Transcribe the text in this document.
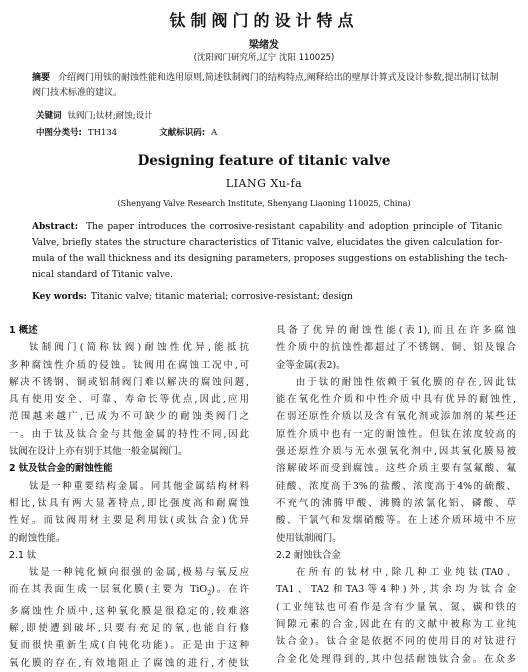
钛制阀门的设计特点
梁绪发
(沈阳阀门研究所,辽宁 沈阳 110025)
摘要 介绍阀门用钛的耐蚀性能和选用原则,简述钛制阀门的结构特点,阐释给出的壁厚计算式及设计参数,提出制订钛制阀门技术标准的建议。
关键词 钛阀门;钛材;耐蚀;设计
中图分类号: TH134	文献标识码: A
Designing feature of titanic valve
LIANG Xu-fa
(Shenyang Valve Research Institute, Shenyang Liaoning 110025, China)
Abstract: The paper introduces the corrosive-resistant capability and adoption principle of Titanic
Valve, briefly states the structure characteristics of Titanic valve, elucidates the given calculation for-
mula of the wall thickness and its designing parameters, proposes suggestions on establishing the tech-
nical standard of Titanic valve.
Key words: Titanic valve; titanic material; corrosive-resistant; design
1 概述
钛制阀门(简称钛阀)耐蚀性优异,能抵抗
多种腐蚀性介质的侵蚀。钛阀用在腐蚀工况中,可
解决不锈钢、铜或铝制阀门难以解决的腐蚀问题,
具有使用安全、可靠、寿命长等优点,因此,应用
范围越来越广,已成为不可缺少的耐蚀类阀门之
一。由于钛及钛合金与其他金属的特性不同,因此
钛阀在设计上亦有别于其他一般金属阀门。
2 钛及钛合金的耐蚀性能
钛是一种重要结构金属。同其他金属结构材料
相比,钛具有两大显著特点,即比强度高和耐腐蚀
性好。而钛阀用材主要是利用钛(或钛合金)优异
的耐蚀性能。
2.1 钛
钛是一种钝化倾向很强的金属,极易与氧反应
而在其表面生成一层氧化膜(主要为 TiO$_2$)。在许
多腐蚀性介质中,这种氧化膜是很稳定的,较难溶
解,即使遭到破坏,只要有充足的氧,也能自行修
复而很快重新生成(自钝化功能)。正是由于这种
氧化膜的存在,有效地阻止了腐蚀的进行,才使钛
具备了优异的耐蚀性能(表1),而且在许多腐蚀
性介质中的抗蚀性都超过了不锈钢、铜、铝及镍合
金等金属(表2)。
由于钛的耐蚀性依赖于氧化膜的存在,因此钛
能在氧化性介质和中性介质中具有优异的耐蚀性,
在弱还原性介质以及含有氧化剂或添加剂的某些还
原性介质中也有一定的耐蚀性。但钛在浓度较高的
强还原性介质与无水强氧化剂中,因其氧化膜易被
溶解破坏而受到腐蚀。这些介质主要有氢氟酸、氟
硅酸、浓度高于3%的盐酸、浓度高于4%的硫酸、
不充气的沸腾甲酸、沸腾的浓氯化铝、磷酸、草
酸、干氯气和发烟硝酸等。在上述介质环境中不应
使用钛制阀门。
2.2 耐蚀钛合金
在所有的钛材中,除几种工业纯钛(TA0、
TA1、TA2和TA3等4种)外,其余均为钛合金
(工业纯钛也可看作是含有少量氧、氮、碳和铁的
间隙元素的合金,因此在有的文献中被称为工业纯
钛合金)。钛合金是依据不同的使用目的对钛进行
合金化处理得到的,其中包括耐蚀钛合金。在众多
